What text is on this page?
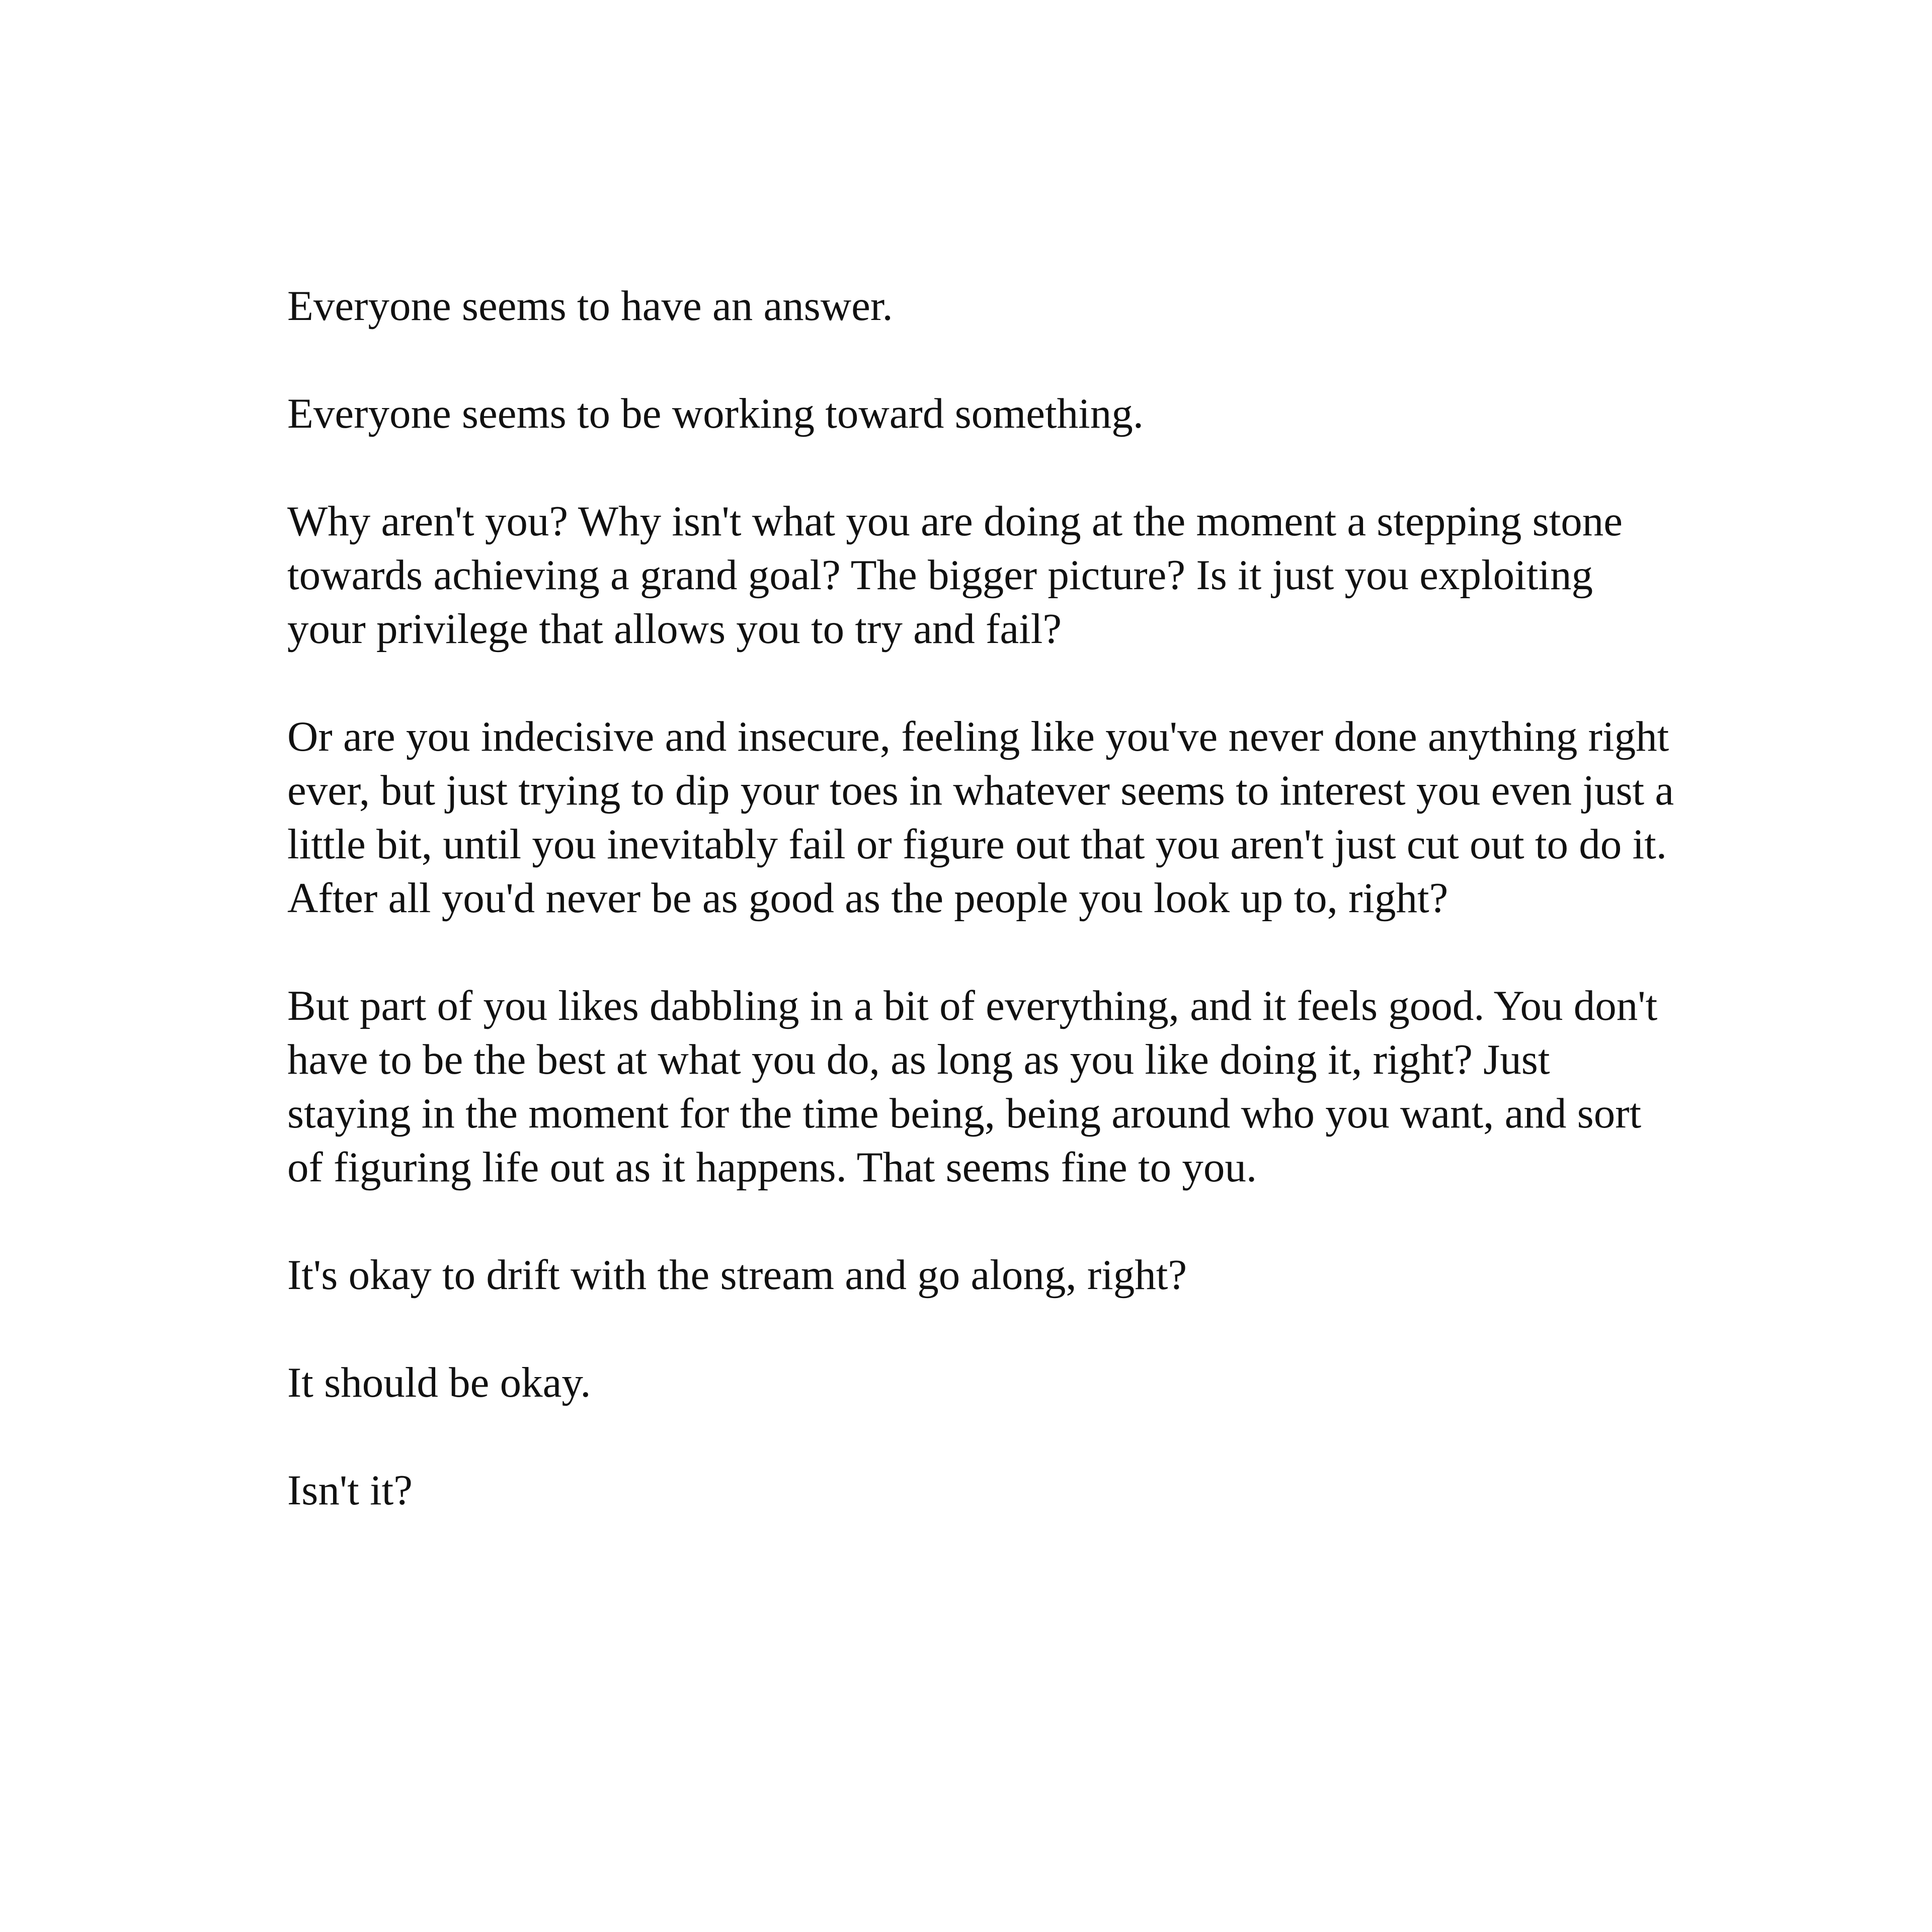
Everyone seems to have an answer.

Everyone seems to be working toward something.

Why aren't you? Why isn't what you are doing at the moment a stepping stone towards achieving a grand goal? The bigger picture? Is it just you exploiting your privilege that allows you to try and fail?

Or are you indecisive and insecure, feeling like you've never done anything right ever, but just trying to dip your toes in whatever seems to interest you even just a little bit, until you inevitably fail or figure out that you aren't just cut out to do it. After all you'd never be as good as the people you look up to, right?

But part of you likes dabbling in a bit of everything, and it feels good. You don't have to be the best at what you do, as long as you like doing it, right? Just staying in the moment for the time being, being around who you want, and sort of figuring life out as it happens. That seems fine to you.

It's okay to drift with the stream and go along, right?

It should be okay.

Isn't it?
